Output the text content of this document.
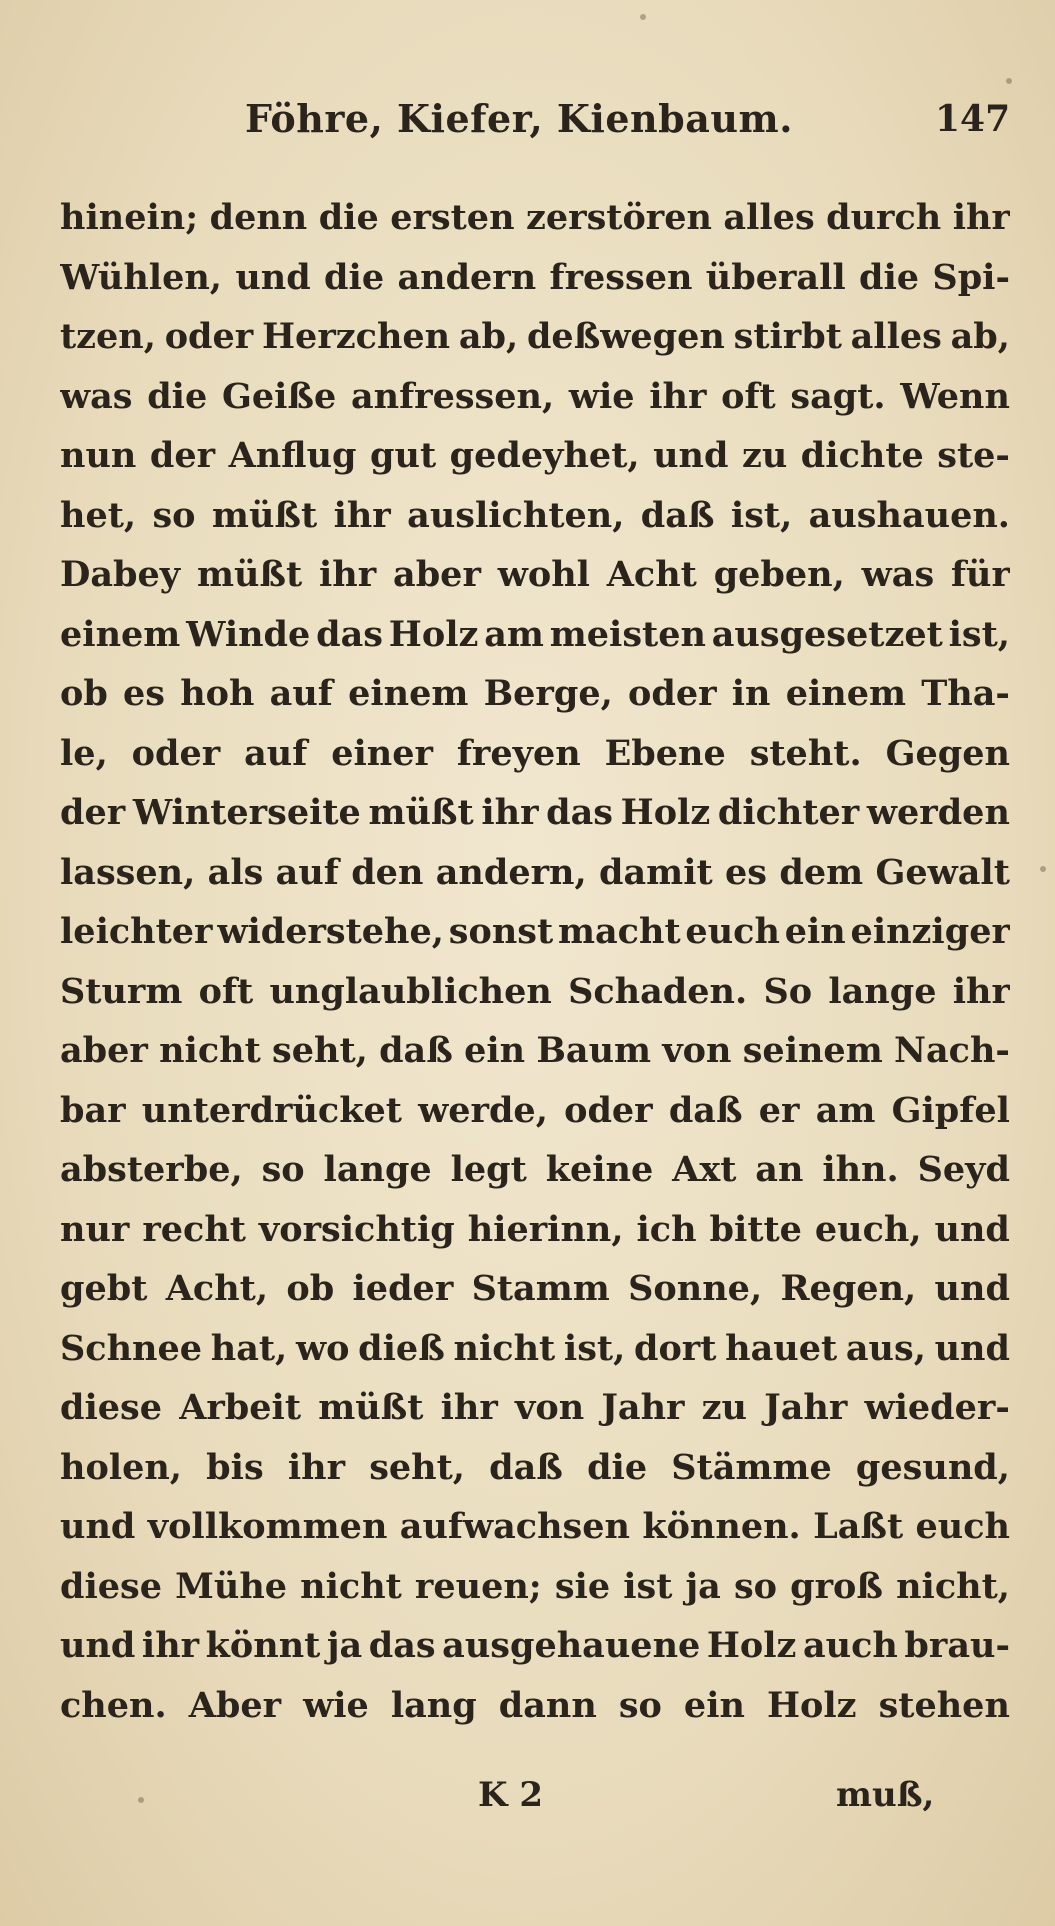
Föhre, Kiefer, Kienbaum.	147
hinein; denn die ersten zerstören alles durch ihr
Wühlen, und die andern fressen überall die Spi-
tzen, oder Herzchen ab, deßwegen stirbt alles ab,
was die Geiße anfressen, wie ihr oft sagt. Wenn
nun der Anflug gut gedeyhet, und zu dichte ste-
het, so müßt ihr auslichten, daß ist, aushauen.
Dabey müßt ihr aber wohl Acht geben, was für
einem Winde das Holz am meisten ausgesetzet ist,
ob es hoh auf einem Berge, oder in einem Tha-
le, oder auf einer freyen Ebene steht. Gegen
der Winterseite müßt ihr das Holz dichter werden
lassen, als auf den andern, damit es dem Gewalt
leichter widerstehe, sonst macht euch ein einziger
Sturm oft unglaublichen Schaden. So lange ihr
aber nicht seht, daß ein Baum von seinem Nach-
bar unterdrücket werde, oder daß er am Gipfel
absterbe, so lange legt keine Axt an ihn. Seyd
nur recht vorsichtig hierinn, ich bitte euch, und
gebt Acht, ob ieder Stamm Sonne, Regen, und
Schnee hat, wo dieß nicht ist, dort hauet aus, und
diese Arbeit müßt ihr von Jahr zu Jahr wieder-
holen, bis ihr seht, daß die Stämme gesund,
und vollkommen aufwachsen können. Laßt euch
diese Mühe nicht reuen; sie ist ja so groß nicht,
und ihr könnt ja das ausgehauene Holz auch brau-
chen. Aber wie lang dann so ein Holz stehen
K 2	muß,
